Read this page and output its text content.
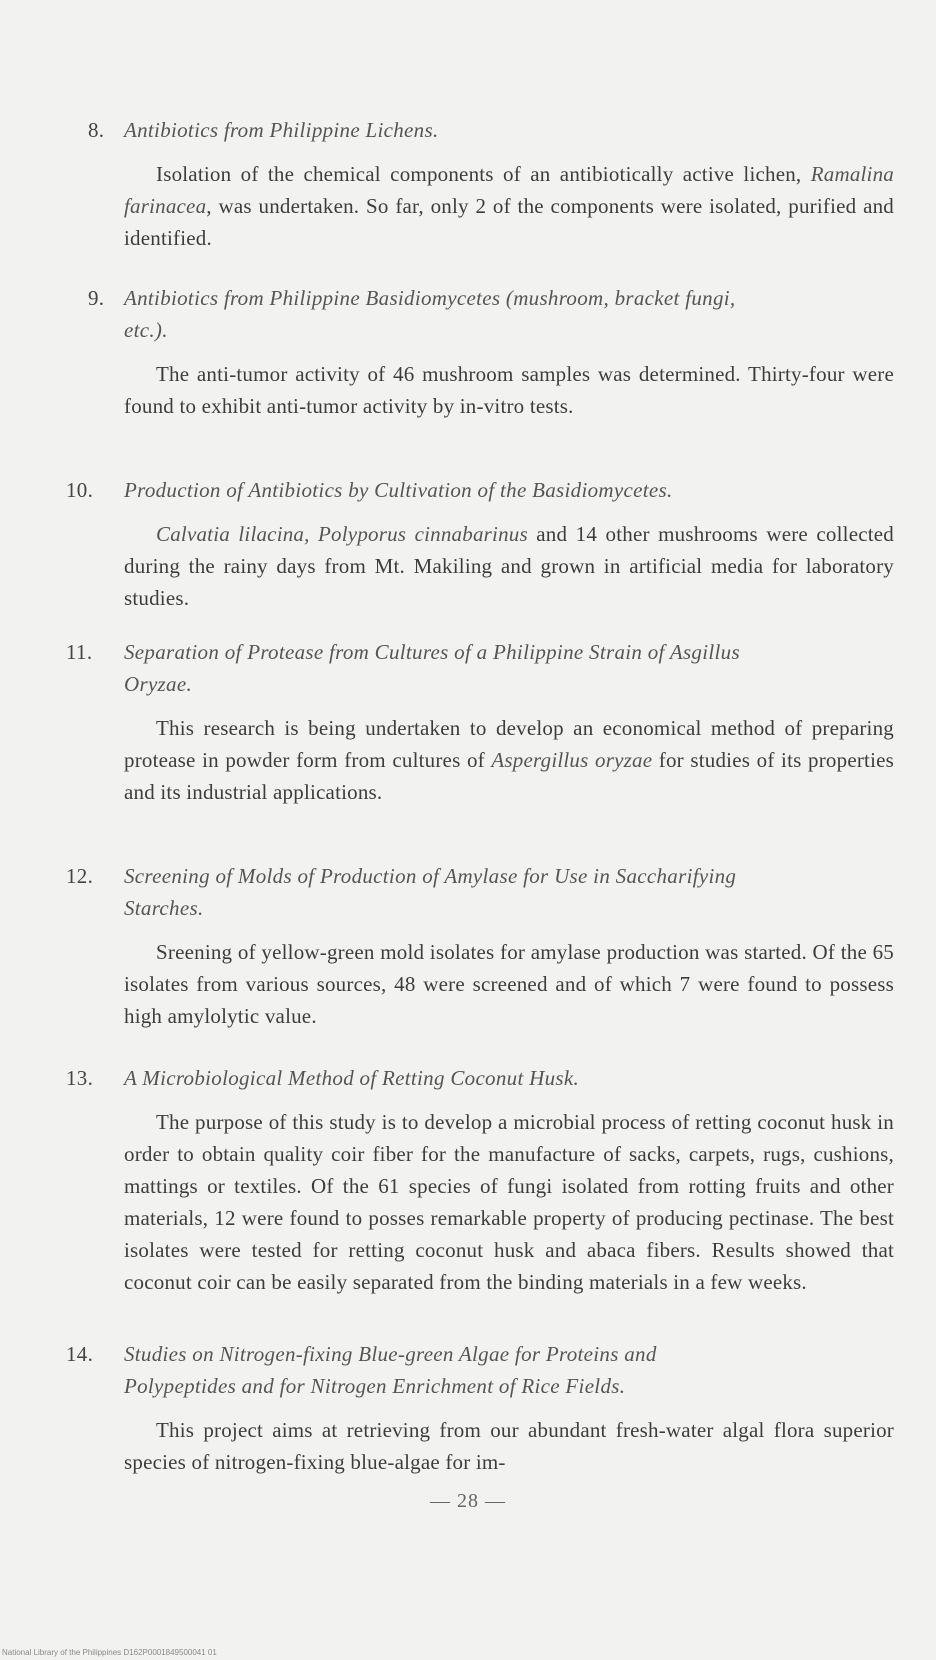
8. Antibiotics from Philippine Lichens.
Isolation of the chemical components of an antibiotically active lichen, Ramalina farinacea, was undertaken. So far, only 2 of the components were isolated, purified and identified.
9. Antibiotics from Philippine Basidiomycetes (mushroom, bracket fungi, etc.).
The anti-tumor activity of 46 mushroom samples was determined. Thirty-four were found to exhibit anti-tumor activity by in-vitro tests.
10. Production of Antibiotics by Cultivation of the Basidiomycetes.
Calvatia lilacina, Polyporus cinnabarinus and 14 other mushrooms were collected during the rainy days from Mt. Makiling and grown in artificial media for laboratory studies.
11. Separation of Protease from Cultures of a Philippine Strain of Asgillus Oryzae.
This research is being undertaken to develop an economical method of preparing protease in powder form from cultures of Aspergillus oryzae for studies of its properties and its industrial applications.
12. Screening of Molds of Production of Amylase for Use in Saccharifying Starches.
Sreening of yellow-green mold isolates for amylase production was started. Of the 65 isolates from various sources, 48 were screened and of which 7 were found to possess high amylolytic value.
13. A Microbiological Method of Retting Coconut Husk.
The purpose of this study is to develop a microbial process of retting coconut husk in order to obtain quality coir fiber for the manufacture of sacks, carpets, rugs, cushions, mattings or textiles. Of the 61 species of fungi isolated from rotting fruits and other materials, 12 were found to posses remarkable property of producing pectinase. The best isolates were tested for retting coconut husk and abaca fibers. Results showed that coconut coir can be easily separated from the binding materials in a few weeks.
14. Studies on Nitrogen-fixing Blue-green Algae for Proteins and Polypeptides and for Nitrogen Enrichment of Rice Fields.
This project aims at retrieving from our abundant fresh-water algal flora superior species of nitrogen-fixing blue-algae for im-
— 28 —
National Library of the Philippines D162P0001849500041 01
